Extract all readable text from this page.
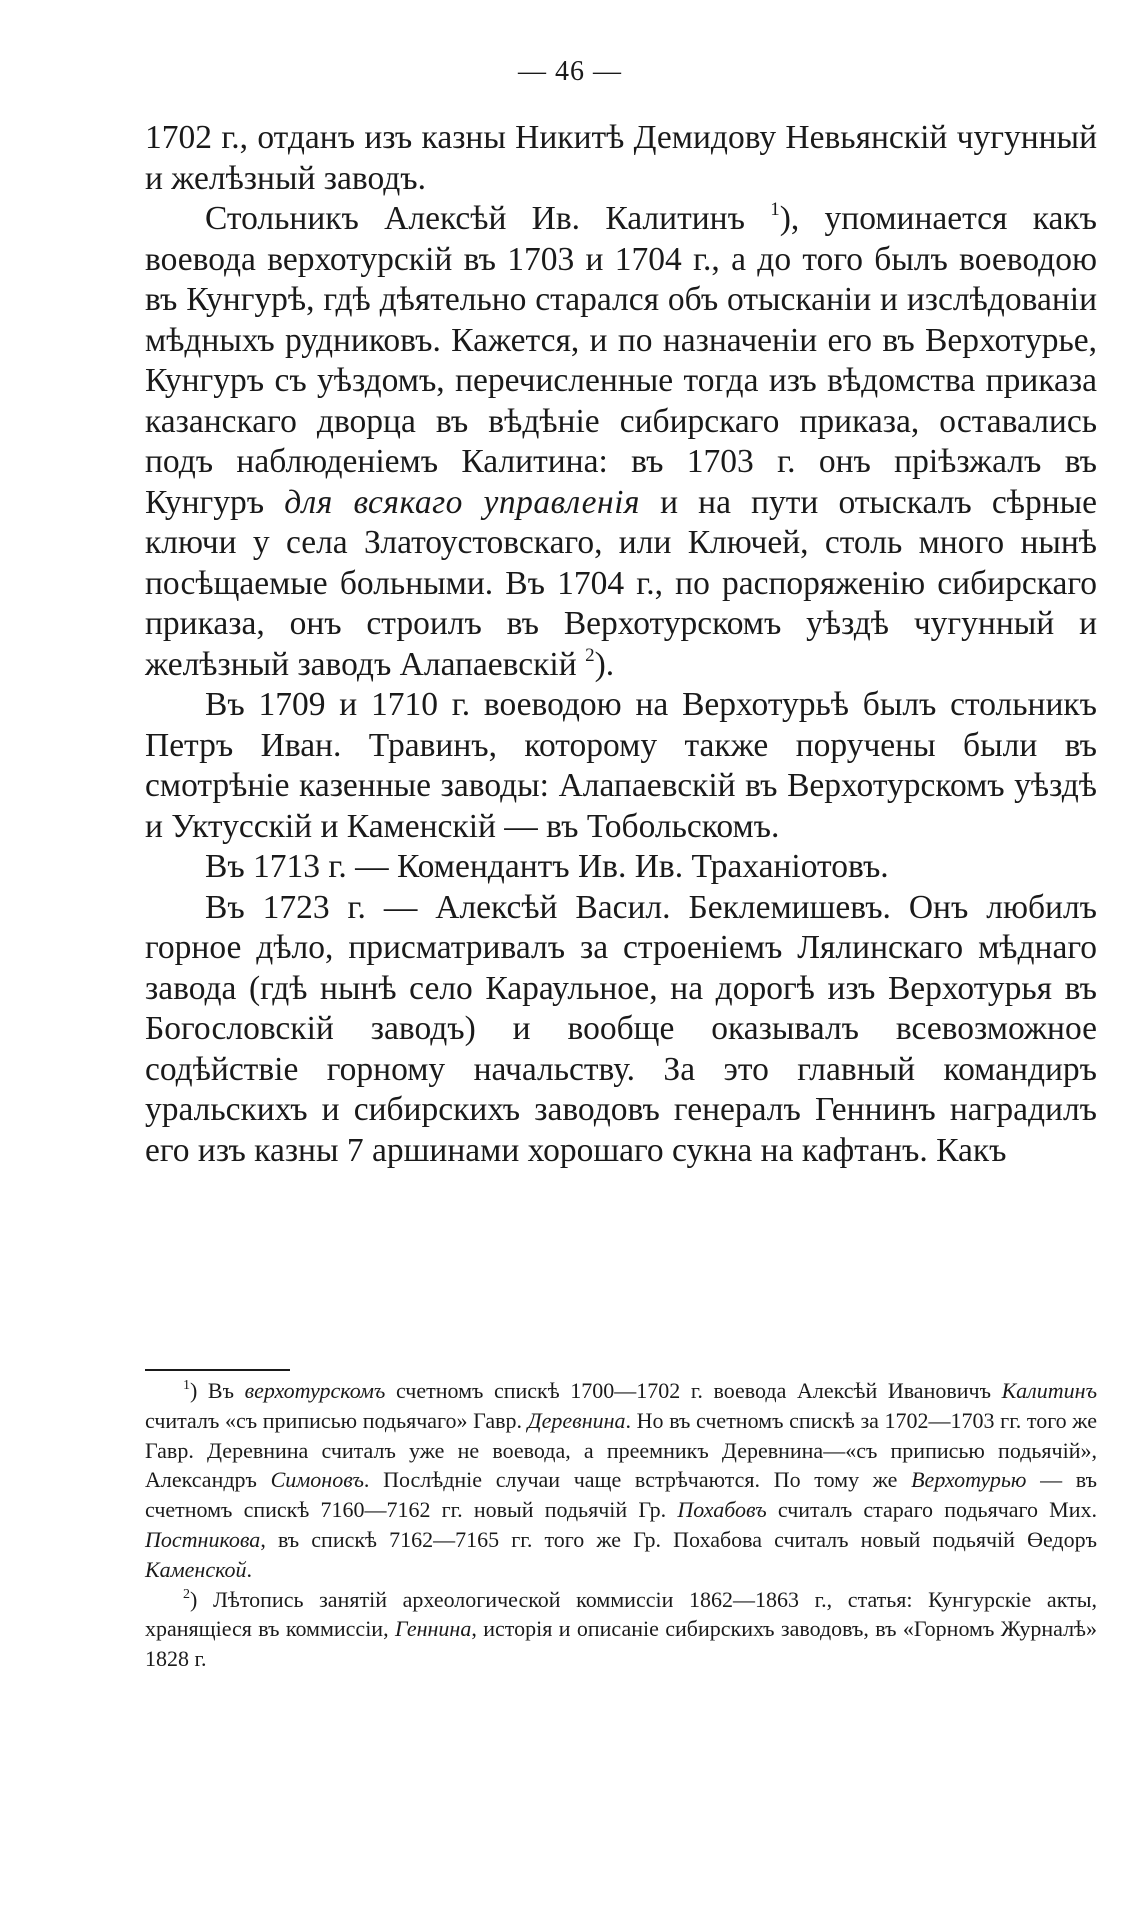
— 46 —

1702 г., отданъ изъ казны Никитѣ Демидову Невьянскій чугунный и желѣзный заводъ.

Стольникъ Алексѣй Ив. Калитинъ $^1$), упоминается какъ воевода верхотурскій въ 1703 и 1704 г., а до того былъ воеводою въ Кунгурѣ, гдѣ дѣятельно старался объ отысканіи и изслѣдованіи мѣдныхъ рудниковъ. Кажется, и по назначеніи его въ Верхотурье, Кунгуръ съ уѣздомъ, перечисленные тогда изъ вѣдомства приказа казанскаго дворца въ вѣдѣніе сибирскаго приказа, оставались подъ наблюденіемъ Калитина: въ 1703 г. онъ пріѣзжалъ въ Кунгуръ для всякаго управленія и на пути отыскалъ сѣрные ключи у села Златоустовскаго, или Ключей, столь много нынѣ посѣщаемые больными. Въ 1704 г., по распоряженію сибирскаго приказа, онъ строилъ въ Верхотурскомъ уѣздѣ чугунный и желѣзный заводъ Алапаевскій $^2$).

Въ 1709 и 1710 г. воеводою на Верхотурьѣ былъ стольникъ Петръ Иван. Травинъ, которому также поручены были въ смотрѣніе казенные заводы: Алапаевскій въ Верхотурскомъ уѣздѣ и Уктусскій и Каменскій — въ Тобольскомъ.

Въ 1713 г. — Комендантъ Ив. Ив. Траханіотовъ.

Въ 1723 г. — Алексѣй Васил. Беклемишевъ. Онъ любилъ горное дѣло, присматривалъ за строеніемъ Лялинскаго мѣднаго завода (гдѣ нынѣ село Караульное, на дорогѣ изъ Верхотурья въ Богословскій заводъ) и вообще оказывалъ всевозможное содѣйствіе горному начальству. За это главный командиръ уральскихъ и сибирскихъ заводовъ генералъ Геннинъ наградилъ его изъ казны 7 аршинами хорошаго сукна на кафтанъ. Какъ

$^1$) Въ верхотурскомъ счетномъ спискѣ 1700—1702 г. воевода Алексѣй Ивановичъ Калитинъ считалъ «съ приписью подьячаго» Гавр. Деревнина. Но въ счетномъ спискѣ за 1702—1703 гг. того же Гавр. Деревнина считалъ уже не воевода, а преемникъ Деревнина—«съ приписью подьячій», Александръ Симоновъ. Послѣдніе случаи чаще встрѣчаются. По тому же Верхотурью — въ счетномъ спискѣ 7160—7162 гг. новый подьячій Гр. Похабовъ считалъ стараго подьячаго Мих. Постникова, въ спискѣ 7162—7165 гг. того же Гр. Похабова считалъ новый подьячій Өедоръ Каменской.

$^2$) Лѣтопись занятій археологической коммиссіи 1862—1863 г., статья: Кунгурскіе акты, хранящіеся въ коммиссіи, Геннина, исторія и описаніе сибирскихъ заводовъ, въ «Горномъ Журналѣ» 1828 г.
